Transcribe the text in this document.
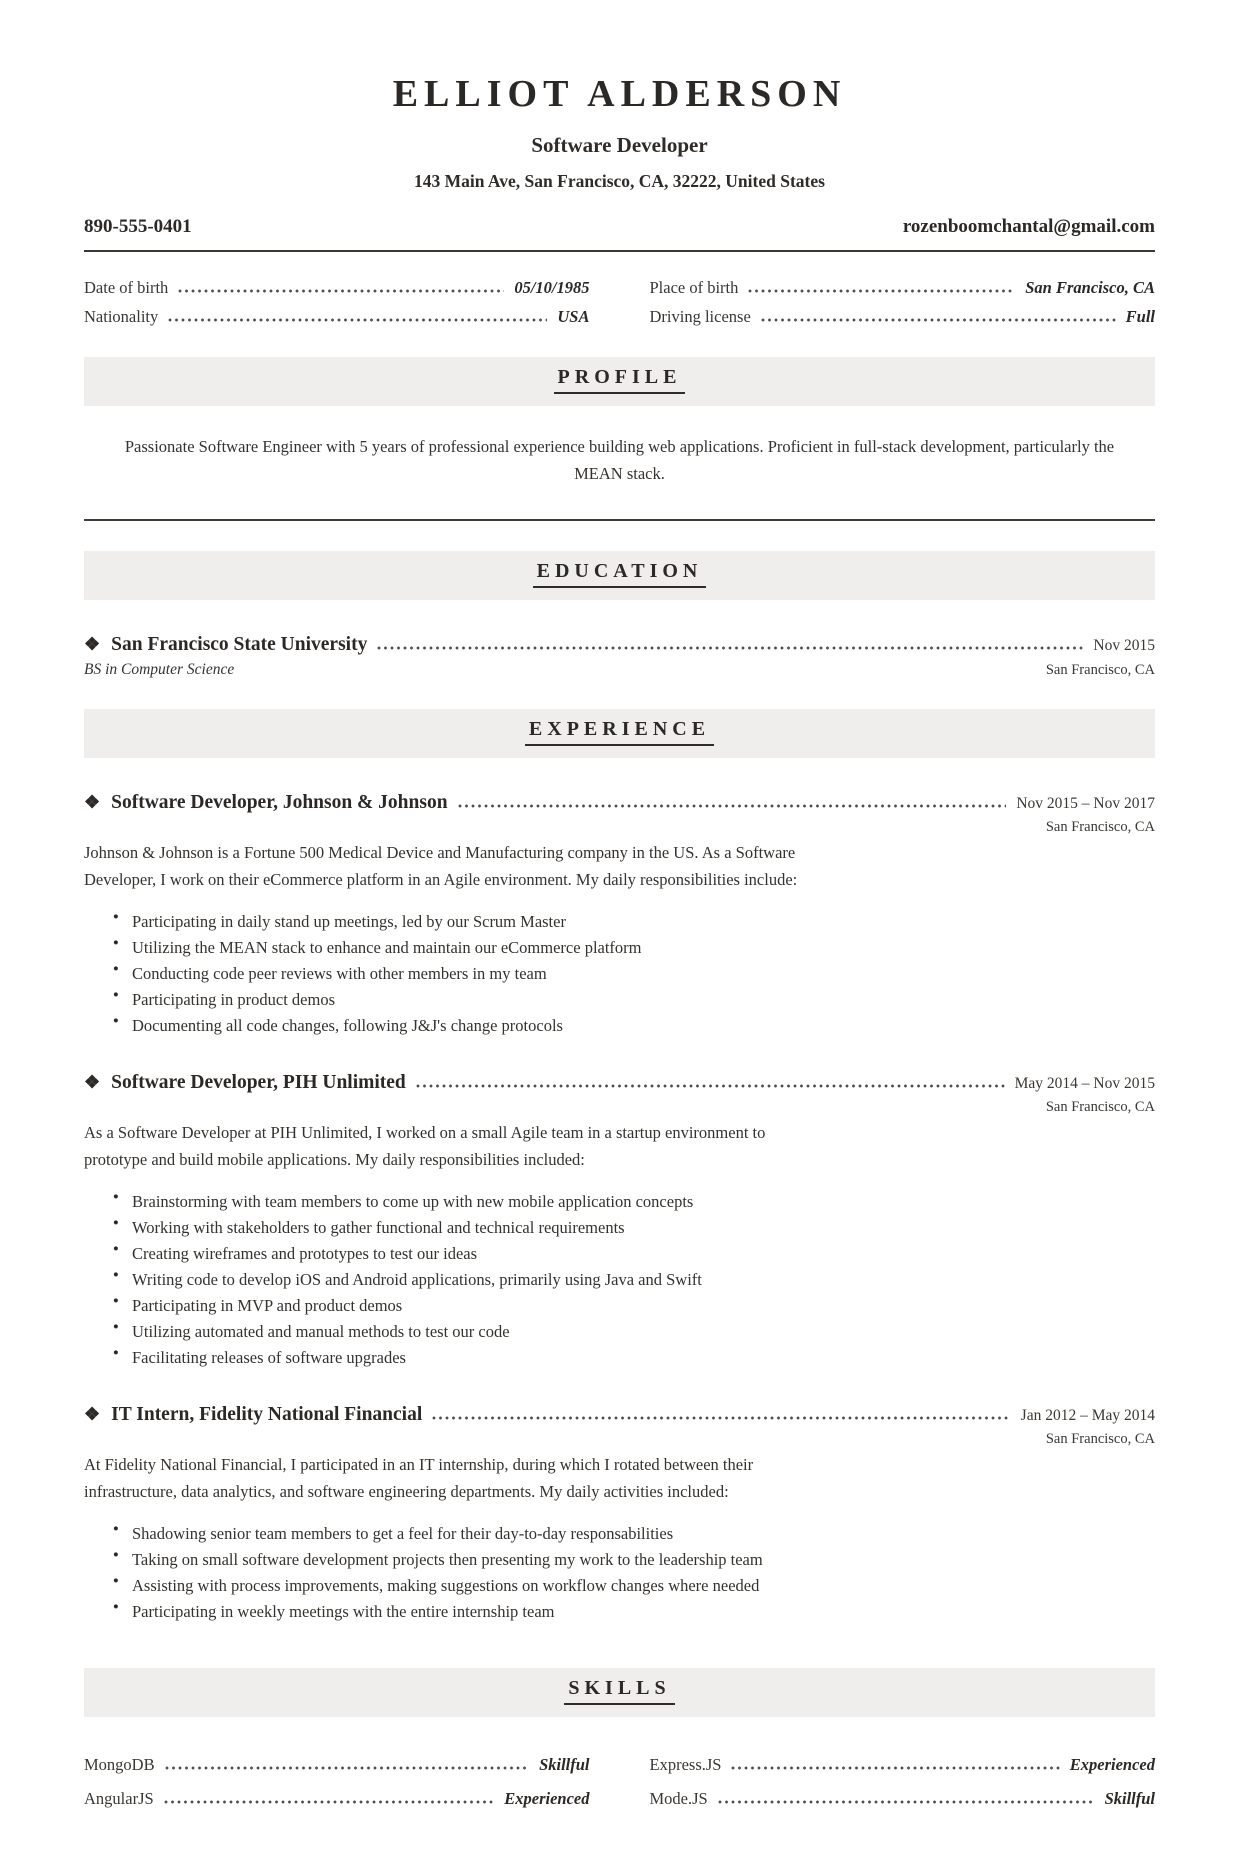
ELLIOT ALDERSON
Software Developer
143 Main Ave, San Francisco, CA, 32222, United States
890-555-0401	rozenboomchantal@gmail.com
Date of birth	05/10/1985	Place of birth	San Francisco, CA
Nationality	USA	Driving license	Full
PROFILE

Passionate Software Engineer with 5 years of professional experience building web applications. Proficient in full-stack development, particularly the MEAN stack.

EDUCATION
❖ San Francisco State University	Nov 2015
BS in Computer Science	San Francisco, CA
EXPERIENCE
❖ Software Developer, Johnson & Johnson	Nov 2015 – Nov 2017
San Francisco, CA

Johnson & Johnson is a Fortune 500 Medical Device and Manufacturing company in the US. As a Software Developer, I work on their eCommerce platform in an Agile environment. My daily responsibilities include:

● Participating in daily stand up meetings, led by our Scrum Master
● Utilizing the MEAN stack to enhance and maintain our eCommerce platform
● Conducting code peer reviews with other members in my team
● Participating in product demos
● Documenting all code changes, following J&J's change protocols
❖ Software Developer, PIH Unlimited	May 2014 – Nov 2015
San Francisco, CA

As a Software Developer at PIH Unlimited, I worked on a small Agile team in a startup environment to prototype and build mobile applications. My daily responsibilities included:

● Brainstorming with team members to come up with new mobile application concepts
● Working with stakeholders to gather functional and technical requirements
● Creating wireframes and prototypes to test our ideas
● Writing code to develop iOS and Android applications, primarily using Java and Swift
● Participating in MVP and product demos
● Utilizing automated and manual methods to test our code
● Facilitating releases of software upgrades
❖ IT Intern, Fidelity National Financial	Jan 2012 – May 2014
San Francisco, CA

At Fidelity National Financial, I participated in an IT internship, during which I rotated between their infrastructure, data analytics, and software engineering departments. My daily activities included:

● Shadowing senior team members to get a feel for their day-to-day responsabilities
● Taking on small software development projects then presenting my work to the leadership team
● Assisting with process improvements, making suggestions on workflow changes where needed
● Participating in weekly meetings with the entire internship team
SKILLS
MongoDB	Skillful	Express.JS	Experienced
AngularJS	Experienced	Mode.JS	Skillful
